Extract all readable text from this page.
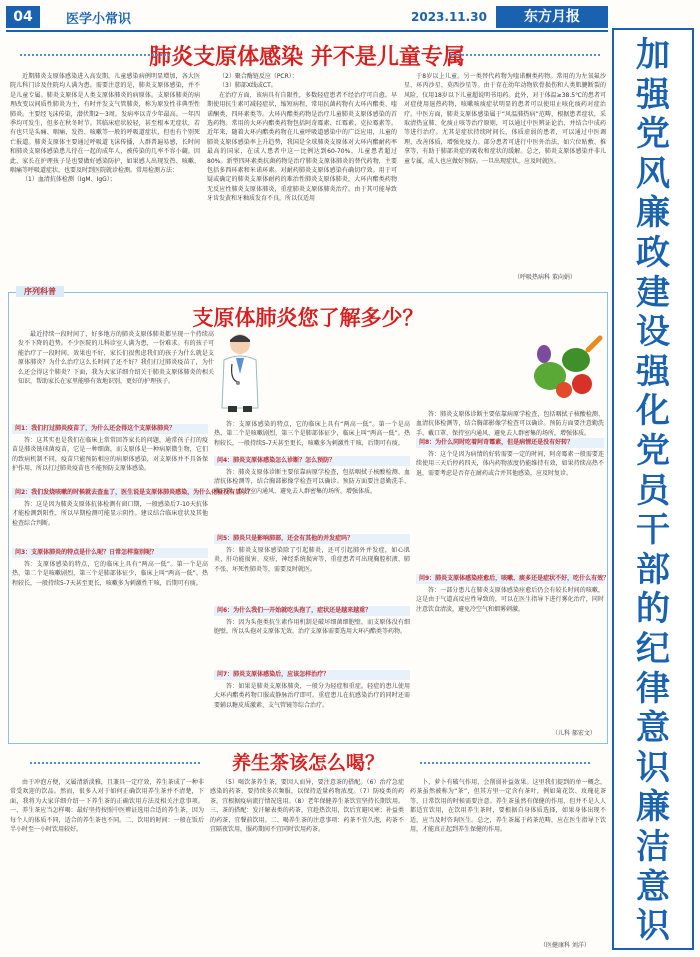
04	医学小常识	2023.11.30	东方月报
加
强
党
风
廉
政
建
设
强
化
党
员
干
部
的
纪
律
意
识
廉
洁
意
识
肺炎支原体感染 并不是儿童专属

近期肺炎支原体感染进入高发期，儿童感染病例明显增加，各大医院儿科门诊及住院均人满为患。需要注意的是，肺炎支原体感染，并不是儿童专属。肺炎支原体是人类支原体肺炎的病原体。支原体肺炎的病理改变以间质性肺炎为主，有时并发支气管肺炎，称为原发性非典型性肺炎。主要经飞沫传染，潜伏期2～3周，发病率以青少年最高。一年四季均可发生，但多在秋冬时节。其临床症状较轻，甚至根本无症状，若有也只是头痛、咽痛、发热、咳嗽等一般的呼吸道症状，但也有个别死亡报道。肺炎支原体主要通过呼吸道飞沫传播，人群普遍易感，长时间和肺炎支原体感染患儿待在一起的成年人，被传染的几率不容小觑。因此，家长在护理孩子是也要做好感染防护，如果感人出现发热、咳嗽、咽痛等呼吸道症状，也要及时到医院就诊检测。常用检测方法：

（1）血清抗体检测（IgM、IgG）；

（2）聚合酶链反应（PCR）；

（3）肺部X线或CT。

在治疗方面，该病具有自限性，多数轻症患者不经治疗可自愈。早期使用抗生素可减轻症状，缩短病程，常用抗菌药物有大环内酯类、喹诺酮类、四环素类等。大环内酯类药物是治疗儿童肺炎支原体感染的首选药物。常用的大环内酯类药物包括阿奇霉素、红霉素、克拉霉素等。近年来，随着大环内酯类药物在儿童呼吸道感染中的广泛应用，儿童的肺炎支原体感染率上升趋势，我国是全球肺炎支原体对大环内酯耐药率最高的国家，在成人患者中这一比例达到60-70%，儿童患者超过80%。新型四环素类抗菌药物是治疗肺炎支原体肺炎的替代药物，主要包括多西环素和米诺环素。对耐药肺炎支原体感染有确切疗效。用于可疑或确定的肺炎支原体耐药的难治性肺炎支原体肺炎，大环内酯类药物无反应性肺炎支原体肺炎，重症肺炎支原体肺炎治疗。由于其可能导致牙齿发黄和牙釉质发育不良，所以仅适用

于8岁以上儿童。另一类替代药物为喹诺酮类药物。常用的为左氧氟沙星、环丙沙星、莫西沙星等。由于存在幼年动物软骨损伤和人类肌腱断裂的风险，仅用18岁以下儿童超说明书用药。此外，对于体温≥38.5℃的患者可对症使用退热药物，咳嗽咳痰症状明显的患者可以使用止咳化痰药对症治疗。中医方面，肺炎支原体感染属于“风温肺热病”范畴，根据患者症状，采取清热宣肺、化痰止咳等治疗原则，可以通过中医辨证论治，并结合中成药等进行治疗。尤其是症状持续时间长，体质虚弱的患者，可以通过中医调理，改善体质，增强免疫力。部分患者可进行中医外治法，如穴位贴敷、推拿等，有助于肺部炎症的吸收和症状的缓解。总之，肺炎支原体感染并非儿童专属，成人也应做好预防，一旦出现症状，应及时就医。

（呼吸热病科 董向娟）
序列科普
支原体肺炎您了解多少？

最近持续一段时间了，好多地方的肺炎支原体肺炎都呈现一个持续高发不下降的趋势。不少医院的儿科诊室人满为患，一份难求。有的孩子可能治疗了一段时间，效果也不好，家长们很焦虑我们的孩子为什么就是支原体肺炎？为什么治疗这么长时间了还不好？我们打过肺炎疫苗了，为什么还会得这个肺炎？下面，我为大家详细介绍关于肺炎支原体肺炎的相关知识，帮助家长在家里能够有效地识别，更好的护理孩子。

问1：我们打过肺炎疫苗了，为什么还会得这个支原体肺炎？

答：这其实也是我们在临床上常常回答家长的问题，通常孩子打的疫苗是肺炎链球菌疫苗，它是一种细菌，而支原体是一种病原微生物，它们的致病机制不同，疫苗只能预防相应的病原体感染，对支原体并不具备保护作用，所以打过肺炎疫苗也不能预防支原体感染。

问2：我们发烧咳嗽的时候就去查血了，医生说是支原体肺炎感染，为什么化验没有显示？

答：这是因为肺炎支原体抗体检测有窗口期，一般感染后7-10天抗体才能检测到阳性，所以早期检测可能显示阴性。建议结合临床症状及其他检查综合判断。

问3：支原体肺炎的特点是什么呢？日常怎样鉴别呢？

答：支原体感染的特点，它的临床上具有“两高一低”。第一个是高热，第二个是咳嗽剧烈，第三个是肺部体征少，临床上叫“两高一低”。热程较长，一般持续5-7天甚至更长，咳嗽多为刺激性干咳，后期可有痰。

答：支原体感染的特点，它的临床上具有“两高一低”。第一个是高热，第二个是咳嗽剧烈，第三个是肺部体征少，临床上叫“两高一低”。热程较长，一般持续5-7天甚至更长，咳嗽多为刺激性干咳，后期可有痰。

问4：肺炎支原体感染怎么诊断？怎么预防？

答：肺炎支原体诊断主要依靠病原学检查，包括咽拭子核酸检测、血清抗体检测等，结合胸部影像学检查可以确诊。预防方面要注意勤洗手、戴口罩、保持室内通风、避免去人群密集的场所，增强体质。

问5：肺炎只是影响肺部，还会有其他的并发症吗？

答：肺炎支原体感染除了引起肺炎，还可引起肺外并发症，如心肌炎、肝功能损害、皮疹、神经系统损害等，重症患者可出现胸腔积液、肺不张、坏死性肺炎等，需要及时就医。

问6：为什么我们一开始就吃头孢了，症状还是越来越重？

答：因为头孢类抗生素作用机制是破坏细菌细胞壁，而支原体没有细胞壁，所以头孢对支原体无效。治疗支原体需要选用大环内酯类等药物。

问7：肺炎支原体感染后，应该怎样治疗？

答：如果是肺炎支原体肺炎，一般分为轻症和重症。轻症的患儿使用大环内酯类药物口服或静脉治疗即可。重症患儿在抗感染治疗的同时还需要辅以糖皮质激素、支气管镜等综合治疗。

答：肺炎支原体诊断主要依靠病原学检查，包括咽拭子核酸检测、血清抗体检测等，结合胸部影像学检查可以确诊。预防方面要注意勤洗手、戴口罩、保持室内通风、避免去人群密集的场所，增强体质。

问8：为什么同时吃着阿奇霉素，但是病情还是没有好转？

答：这个是因为病情的好转需要一定的时间，阿奇霉素一般需要连续使用三天后停药四天，体内药物浓度仍能维持有效，如果持续高热不退，需要考虑是否存在耐药或合并其他感染，应及时复诊。

问9：肺炎支原体感染痊愈后，咳嗽、痰多还是症状不好，吃什么有效？

答：一部分患儿在肺炎支原体感染痊愈后仍会有较长时间的咳嗽，这是由于气道高反应性导致的，可以在医生指导下进行雾化治疗，同时注意饮食清淡，避免冷空气和烟雾刺激。

（儿科 郝宏文）
养生茶该怎么喝？

由于冲泡方便，又属清新淡雅，且兼具一定疗效，养生茶成了一种非常受欢迎的饮品。然而，很多人对于如何正确饮用养生茶并不清楚，下面，我将为大家详细介绍一下养生茶的正确饮用方法及相关注意事项。一、养生茶应当怎样喝：最好坚持按照中医辨证选用合适的养生茶，因为每个人的体质不同，适合的养生茶也不同。二、饮用的时间：一般在饭后半小时至一小时饮用较好。

（5）喝饮茶养生茶，要因人而异，要注意茶的搭配。（6）治疗急症感染的药茶，要持续多次频服，以保持适量药物浓度。（7）防疫类的药茶，宜根据疫病流行情况选用。（8）老年保健养生茶饮宜坚持长期饮用。三、茶的搭配：发汗解表类的药茶，宜趁热饮用，饮后宜避风寒；补益类的药茶，宜餐前饮用。二、喝养生茶的注意事项：药茶不宜久泡，药茶不宜隔夜饮用，服药期间不宜同时饮用药茶。

卜、萝卜有破气作用，会削弱补益效果。这里我们提到的单一概念，药茶虽然被称为“茶”，但其方里一定含有茶叶，例如菊花饮、玫瑰花茶等，日常饮用的时候需要注意。养生茶虽然有保健的作用，但并不是人人都适宜饮用，在饮用养生茶时，要根据自身体质选择，如果身体出现不适，应当及时咨询医生。总之，养生茶属于药茶范畴，应在医生指导下饮用，才能真正起到养生保健的作用。

（医健康科 刘洋）
